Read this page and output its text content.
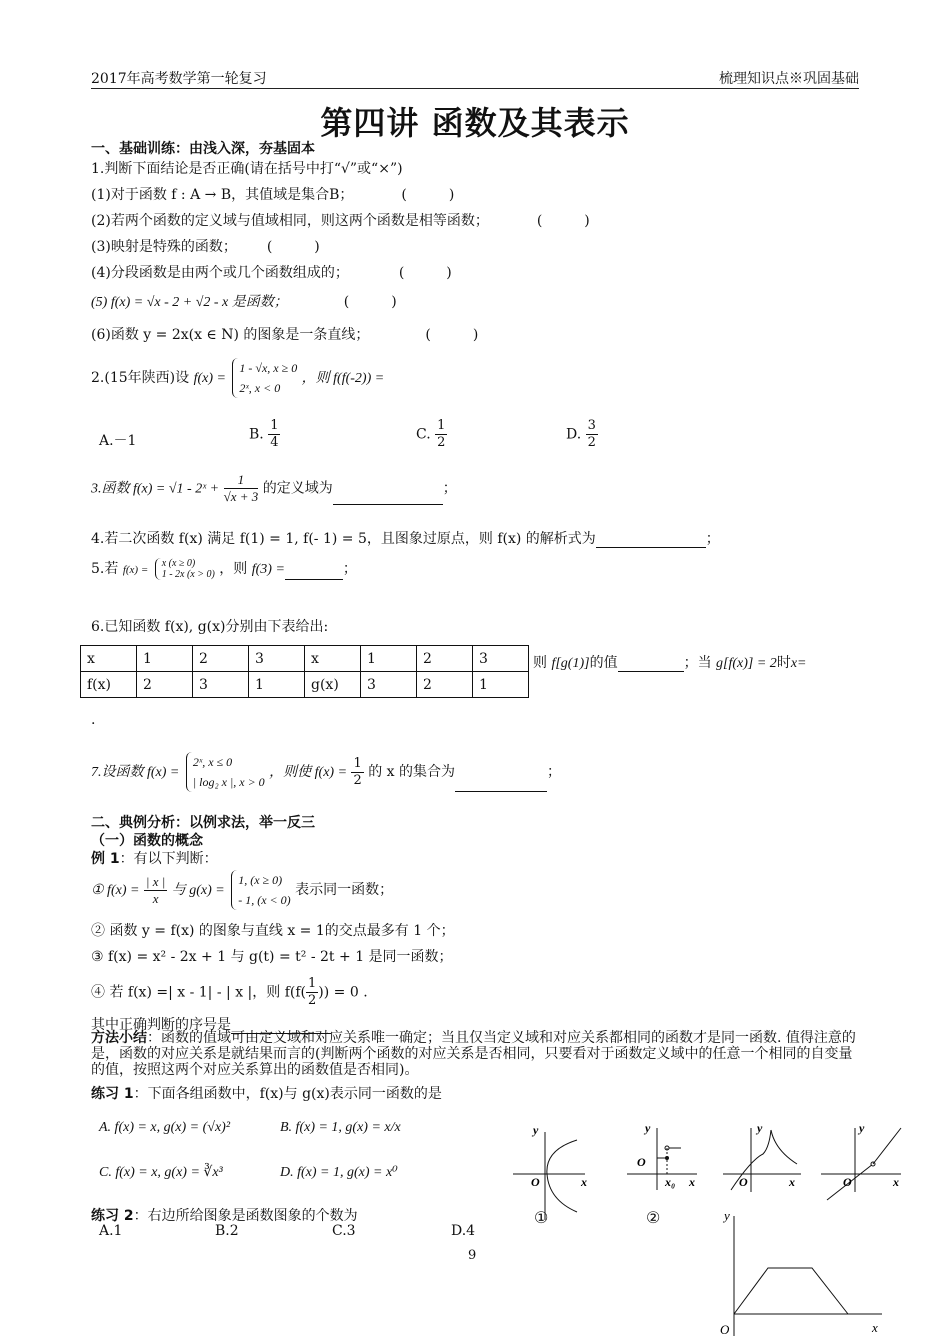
2017年高考数学第一轮复习	梳理知识点※巩固基础
第四讲 函数及其表示
一、基础训练：由浅入深，夯基固本
1.判断下面结论是否正确(请在括号中打“√”或“×”)
(1)对于函数 f : A → B，其值域是集合B；	(　　　)
(2)若两个函数的定义域与值域相同，则这两个函数是相等函数；	(　　　)
(3)映射是特殊的函数； (　　　)
(4)分段函数是由两个或几个函数组成的；	(　　　)
(5) f(x) = √x - 2 + √2 - x 是函数；	(　　　)
(6)函数 y = 2x(x ∈ N) 的图象是一条直线；	(　　　)
2.(15年陕西)设 f(x) =
1 - √x, x ≥ 0
2ˣ, x < 0
，则 f(f(-2)) =
A.－1	B. $\frac{1}{4}$	C. $\frac{1}{2}$	D. $\frac{3}{2}$
3.函数 f(x) = √1 - 2ˣ + $\frac{1}{√x + 3}$ 的定义域为	；
4.若二次函数 f(x) 满足 f(1) = 1, f(- 1) = 5，且图象过原点，则 f(x) 的解析式为	；
5.若 f(x) =
x (x ≥ 0)
1 - 2x (x > 0) ，则 f(3) =	；
6.已知函数 f(x), g(x)分别由下表给出:
x	1	2	3	x	1	2	3
f(x)	2	3	1	g(x)	3	2	1
则 f[g(1)]的值	；当 g[f(x)] = 2时x=
.
7.设函数 f(x) =
2ˣ, x ≤ 0
| log₂ x |, x > 0
，则使 $f(x) = \frac{1}{2}$ 的 x 的集合为	；
二、典例分析：以例求法，举一反三
（一）函数的概念
例 1：有以下判断：
① $f(x) = \frac{| x |}{x}$ 与 g(x) =
1, (x ≥ 0)
- 1, (x < 0)
表示同一函数；
② 函数 y = f(x) 的图象与直线 x = 1的交点最多有 1 个；
③ f(x) = x² - 2x + 1 与 g(t) = t² - 2t + 1 是同一函数；
④ 若 f(x) =| x - 1| - | x |，则 $f(f( \frac{1}{2}$ )) = 0 .
其中正确判断的序号是
方法小结：函数的值域可由定义域和对应关系唯一确定；当且仅当定义域和对应关系都相同的函数才是同一函数. 值得注意的是，函数的对应关系是就结果而言的(判断两个函数的对应关系是否相同，只要看对于函数定义域中的任意一个相同的自变量的值，按照这两个对应关系算出的函数值是否相同)。
练习 1：下面各组函数中，f(x)与 g(x)表示同一函数的是
A. f(x) = x, g(x) = (√x)²	B. f(x) = 1, g(x) = x/x
C. f(x) = x, g(x) = ∛x³	D. f(x) = 1, g(x) = x⁰
练习 2：右边所给图象是函数图象的个数为
A.1	B.2	C.3	D.4
y
O	x
y
O
x₀ x
y
O	x
y
O	x
①	②	y
O	x
9
